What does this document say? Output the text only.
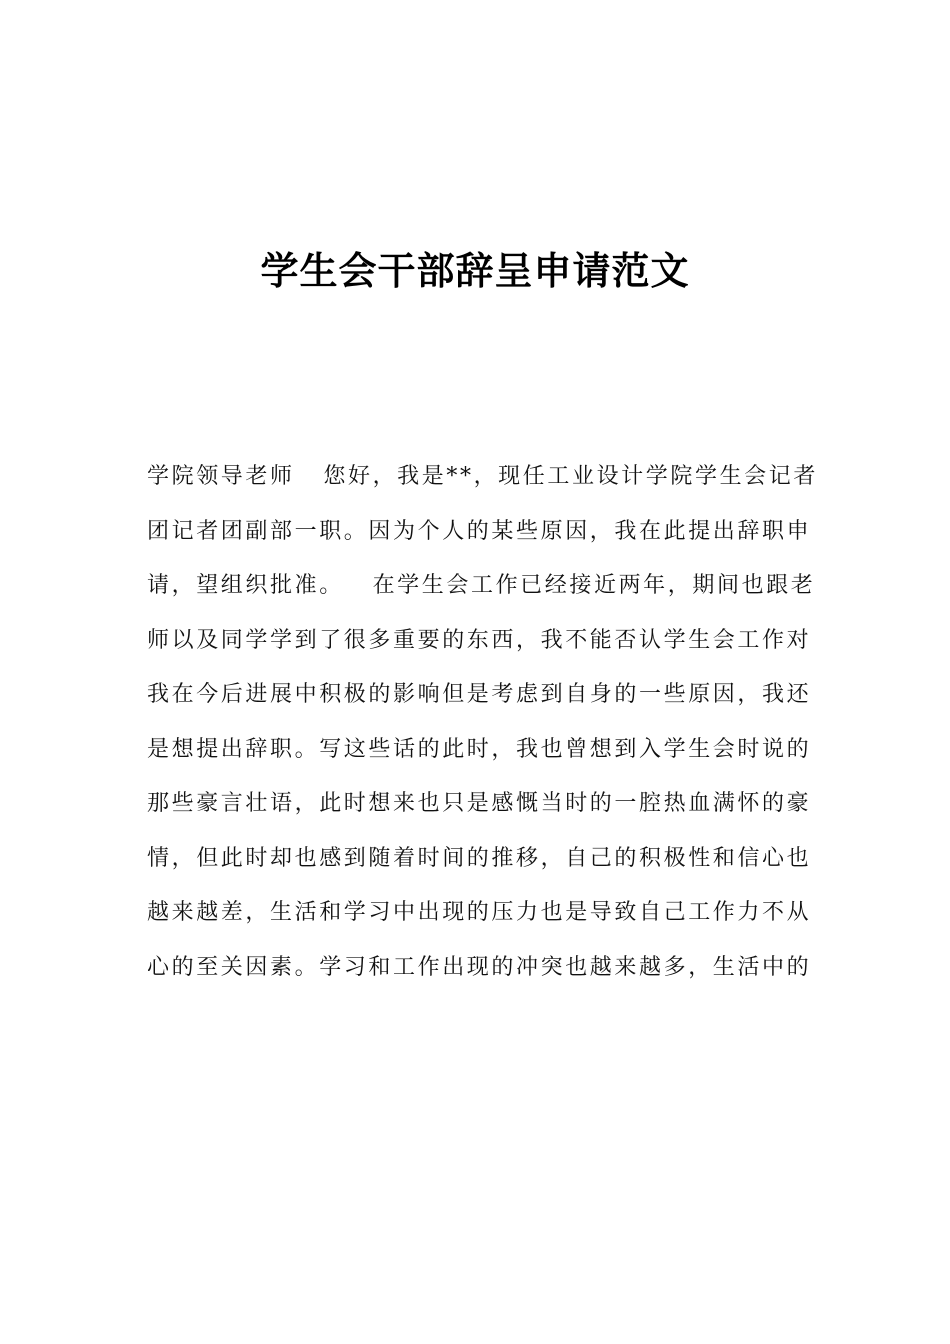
学生会干部辞呈申请范文
学院领导老师   您好，我是**，现任工业设计学院学生会记者
团记者团副部一职。因为个人的某些原因，我在此提出辞职申
请，望组织批准。   在学生会工作已经接近两年，期间也跟老
师以及同学学到了很多重要的东西，我不能否认学生会工作对
我在今后进展中积极的影响但是考虑到自身的一些原因，我还
是想提出辞职。写这些话的此时，我也曾想到入学生会时说的
那些豪言壮语，此时想来也只是感慨当时的一腔热血满怀的豪
情，但此时却也感到随着时间的推移，自己的积极性和信心也
越来越差，生活和学习中出现的压力也是导致自己工作力不从
心的至关因素。学习和工作出现的冲突也越来越多，生活中的
